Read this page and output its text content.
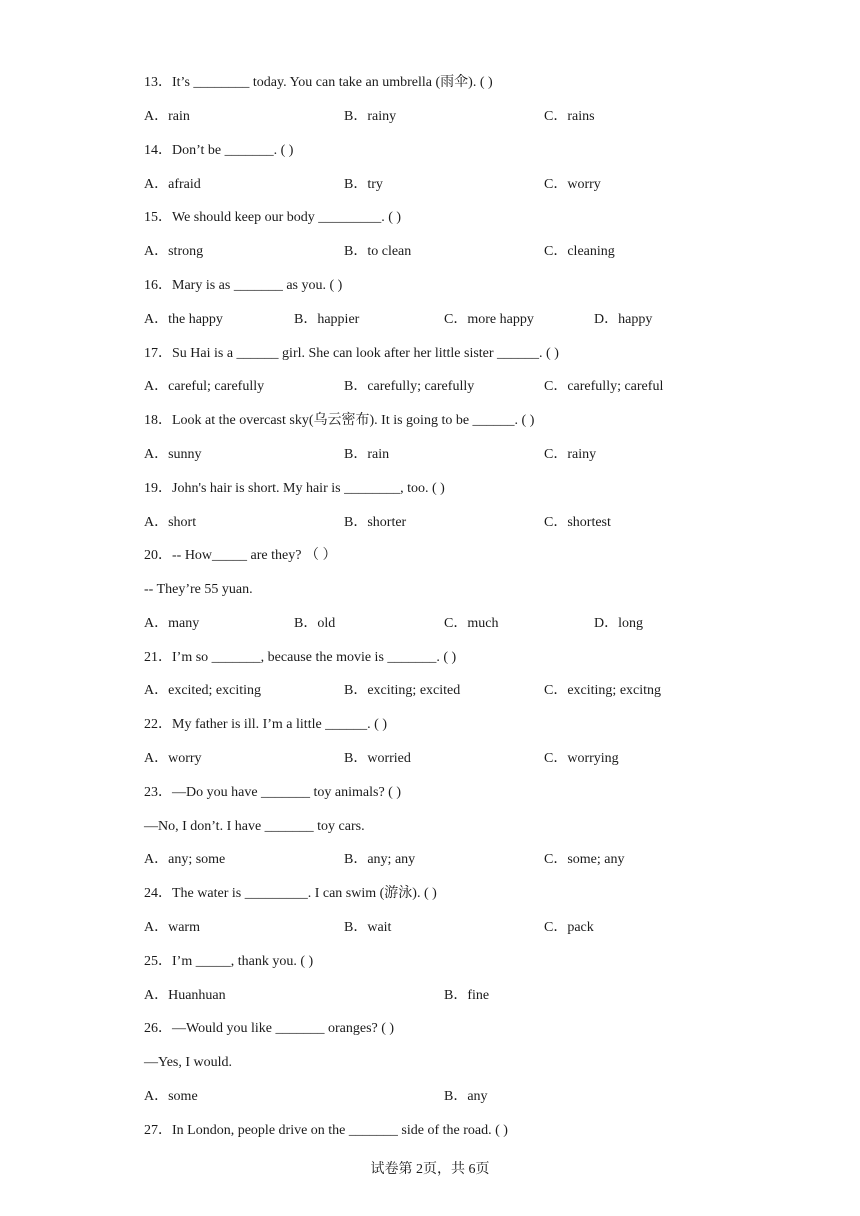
13．It’s ________ today. You can take an umbrella (雨伞). ( )
A．rain	B．rainy	C．rains
14．Don’t be _______. ( )
A．afraid	B．try	C．worry
15．We should keep our body _________. ( )
A．strong	B．to clean	C．cleaning
16．Mary is as _______ as you. ( )
A．the happy	B．happier	C．more happy	D．happy
17．Su Hai is a ______ girl. She can look after her little sister ______. ( )
A．careful; carefully	B．carefully; carefully	C．carefully; careful
18．Look at the overcast sky(乌云密布). It is going to be ______. ( )
A．sunny	B．rain	C．rainy
19．John's hair is short. My hair is ________, too. ( )
A．short	B．shorter	C．shortest
20．-- How_____ are they? （ ）
-- They’re 55 yuan.
A．many	B．old	C．much	D．long
21．I’m so _______, because the movie is _______. ( )
A．excited; exciting	B．exciting; excited	C．exciting; excitng
22．My father is ill. I’m a little ______. ( )
A．worry	B．worried	C．worrying
23．—Do you have _______ toy animals? ( )
—No, I don’t. I have _______ toy cars.
A．any; some	B．any; any	C．some; any
24．The water is _________. I can swim (游泳). ( )
A．warm	B．wait	C．pack
25．I’m _____, thank you. ( )
A．Huanhuan	B．fine
26．—Would you like _______ oranges? ( )
—Yes, I would.
A．some	B．any
27．In London, people drive on the _______ side of the road. ( )
试卷第 2页，共 6页
